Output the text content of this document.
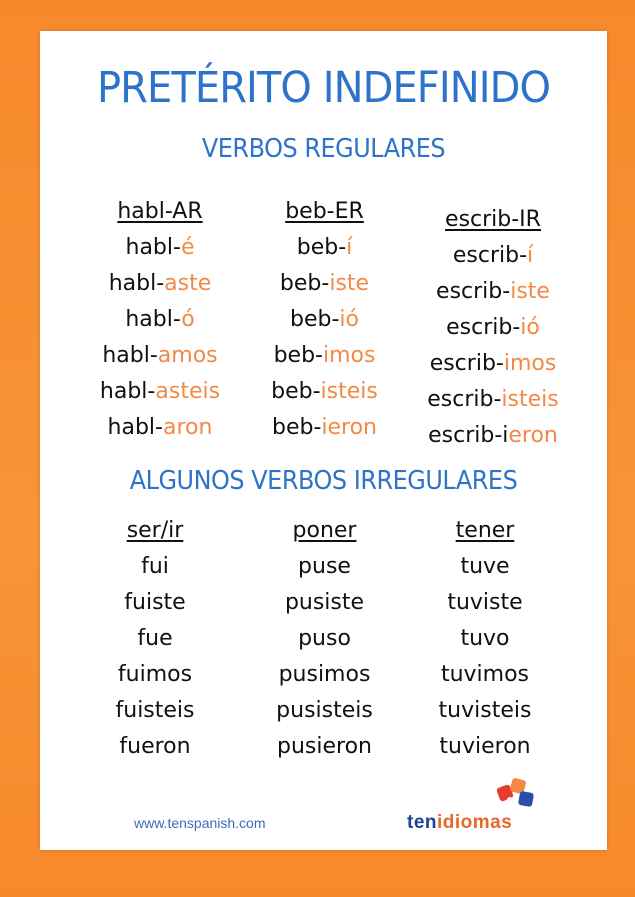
PRETÉRITO INDEFINIDO
VERBOS REGULARES
habl-AR
habl-é
habl-aste
habl-ó
habl-amos
habl-asteis
habl-aron
beb-ER
beb-í
beb-iste
beb-ió
beb-imos
beb-isteis
beb-ieron
escrib-IR
escrib-í
escrib-iste
escrib-ió
escrib-imos
escrib-isteis
escrib-ieron
ALGUNOS VERBOS IRREGULARES
ser/ir
fui
fuiste
fue
fuimos
fuisteis
fueron
poner
puse
pusiste
puso
pusimos
pusisteis
pusieron
tener
tuve
tuviste
tuvo
tuvimos
tuvisteis
tuvieron
www.tenspanish.com	tenidiomas
